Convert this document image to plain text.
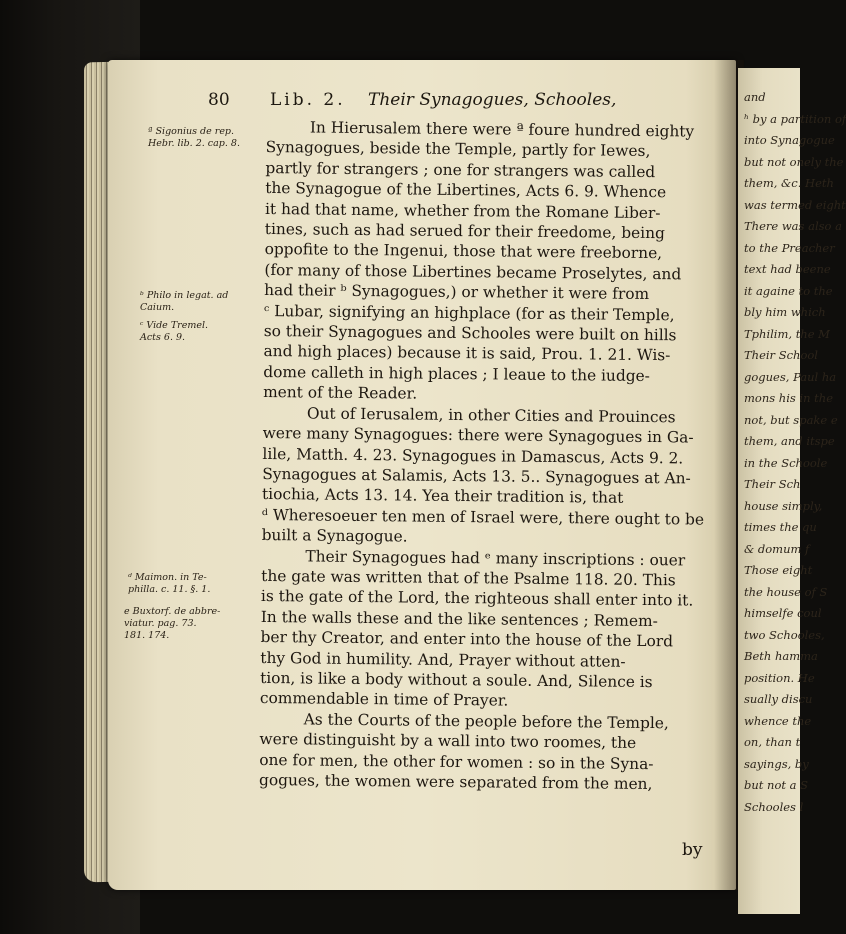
80 Lib. 2. Their Synagogues, Schooles,
ª Sigonius de rep.
Hebr. lib. 2. cap. 8.
ᵇ Philo in legat. ad
Caium.
ᶜ Vide Tremel.
Acts 6. 9.
ᵈ Maimon. in Te-
philla. c. 11. §. 1.
e Buxtorf. de abbre-
viatur. pag. 73.
181. 174.
In Hierusalem there were ª foure hundred eighty
Synagogues, beside the Temple, partly for Iewes,
partly for strangers ; one for strangers was called
the Synagogue of the Libertines, Acts 6. 9. Whence
it had that name, whether from the Romane Liber-
tines, such as had serued for their freedome, being
oppofite to the Ingenui, those that were freeborne,
(for many of those Libertines became Proselytes, and
had their ᵇ Synagogues,) or whether it were from
ᶜ Lubar, signifying an highplace (for as their Temple,
so their Synagogues and Schooles were built on hills
and high places) because it is said, Prou. 1. 21. Wis-
dome calleth in high places ; I leaue to the iudge-
ment of the Reader.
Out of Ierusalem, in other Cities and Prouinces
were many Synagogues: there were Synagogues in Ga-
lile, Matth. 4. 23. Synagogues in Damascus, Acts 9. 2.
Synagogues at Salamis, Acts 13. 5.. Synagogues at An-
tiochia, Acts 13. 14. Yea their tradition is, that
ᵈ Wheresoeuer ten men of Israel were, there ought to be
built a Synagogue.
Their Synagogues had ᵉ many inscriptions : ouer
the gate was written that of the Psalme 118. 20. This
is the gate of the Lord, the righteous shall enter into it.
In the walls these and the like sentences ; Remem-
ber thy Creator, and enter into the house of the Lord
thy God in humility. And, Prayer without atten-
tion, is like a body without a soule. And, Silence is
commendable in time of Prayer.
As the Courts of the people before the Temple,
were distinguisht by a wall into two roomes, the
one for men, the other for women : so in the Syna-
gogues, the women were separated from the men,
by
and
ʰ by a partition of
into Synagogue
but not onely the
them, &c. Heth
was termed eight
There was also a
to the Preacher
text had beene
it againe to the
bly him which
Tphilim, the M
Their School
gogues, Paul ha
mons his in the
not, but spake e
them, and itspe
in the Schoole
Their Sch
house simply,
times the qu
& domum f
Those eight
the house of S
himselfe coul
two Schooles,
Beth hamma
position. He
sually discu
whence the
on, than t
sayings, by
but not a S
Schooles l
